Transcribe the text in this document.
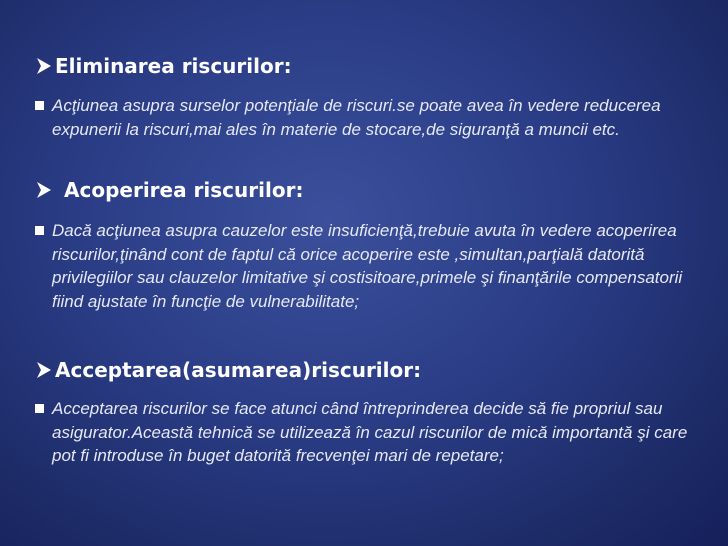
Eliminarea riscurilor:
Acţiunea asupra surselor potenţiale de riscuri.se poate avea în vedere reducerea expunerii la riscuri,mai ales în materie de stocare,de siguranţă a muncii etc.
Acoperirea riscurilor:
Dacă acţiunea asupra cauzelor este insuficienţă,trebuie avuta în vedere acoperirea riscurilor,ţinând cont de faptul că orice acoperire este ,simultan,parţială datorită privilegiilor sau clauzelor limitative şi costisitoare,primele şi finanţările compensatorii fiind ajustate în funcţie de vulnerabilitate;
Acceptarea(asumarea)riscurilor:
Acceptarea riscurilor se face atunci când întreprinderea decide să fie propriul sau asigurator.Această tehnică se utilizează în cazul riscurilor de mică importantă şi care pot fi introduse în buget datorită frecvenţei mari de repetare;
